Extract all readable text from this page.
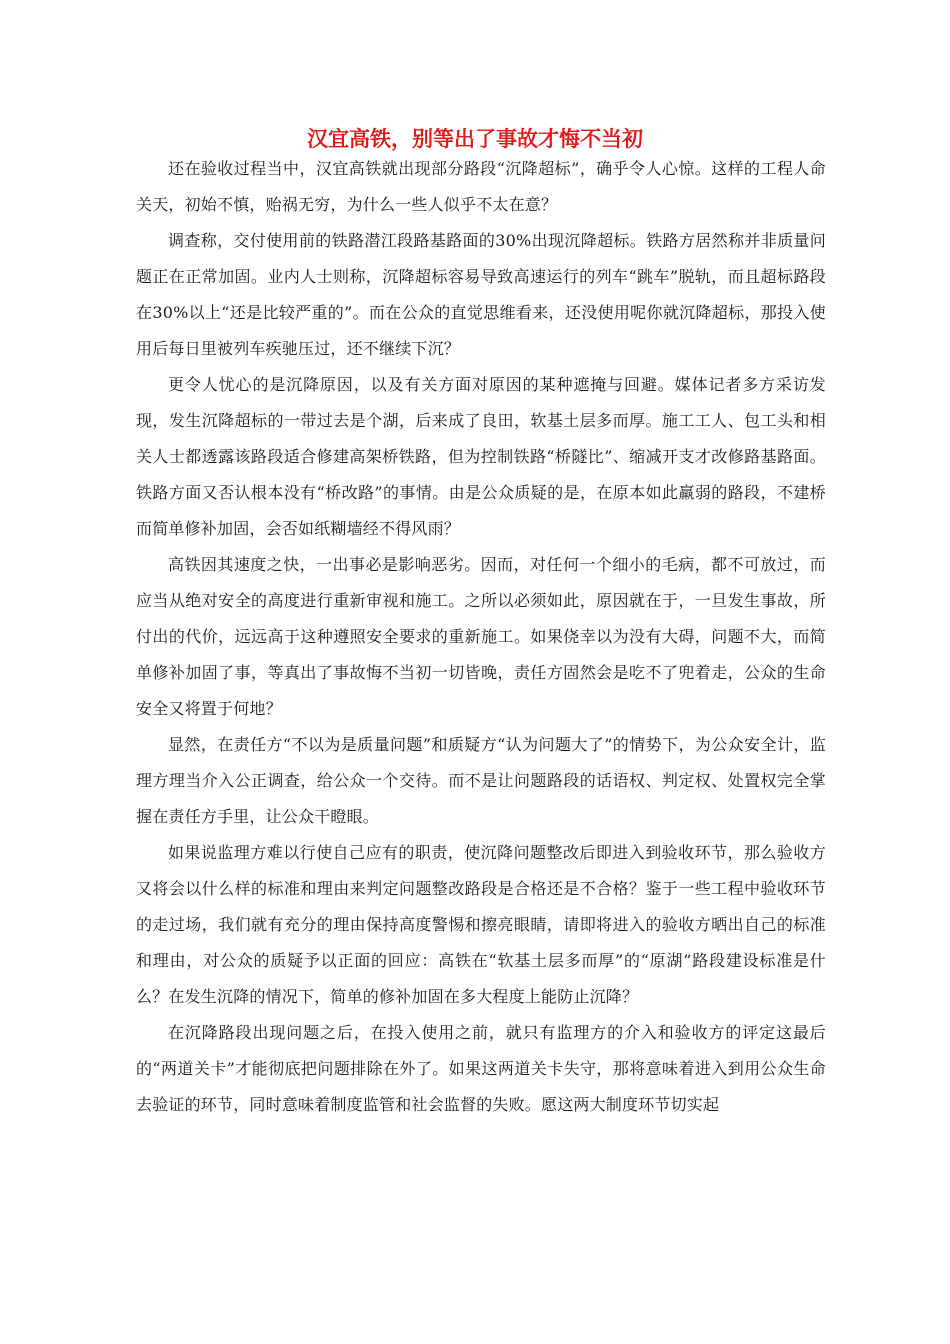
汉宜高铁，别等出了事故才悔不当初

还在验收过程当中，汉宜高铁就出现部分路段“沉降超标”，确乎令人心惊。这样的工程人命关天，初始不慎，贻祸无穷，为什么一些人似乎不太在意？

调查称，交付使用前的铁路潜江段路基路面的30%出现沉降超标。铁路方居然称并非质量问题正在正常加固。业内人士则称，沉降超标容易导致高速运行的列车“跳车”脱轨，而且超标路段在30%以上“还是比较严重的”。而在公众的直觉思维看来，还没使用呢你就沉降超标，那投入使用后每日里被列车疾驰压过，还不继续下沉？

更令人忧心的是沉降原因，以及有关方面对原因的某种遮掩与回避。媒体记者多方采访发现，发生沉降超标的一带过去是个湖，后来成了良田，软基土层多而厚。施工工人、包工头和相关人士都透露该路段适合修建高架桥铁路，但为控制铁路“桥隧比”、缩减开支才改修路基路面。铁路方面又否认根本没有“桥改路”的事情。由是公众质疑的是，在原本如此羸弱的路段，不建桥而简单修补加固，会否如纸糊墙经不得风雨？

高铁因其速度之快，一出事必是影响恶劣。因而，对任何一个细小的毛病，都不可放过，而应当从绝对安全的高度进行重新审视和施工。之所以必须如此，原因就在于，一旦发生事故，所付出的代价，远远高于这种遵照安全要求的重新施工。如果侥幸以为没有大碍，问题不大，而简单修补加固了事，等真出了事故悔不当初一切皆晚，责任方固然会是吃不了兜着走，公众的生命安全又将置于何地？

显然，在责任方“不以为是质量问题”和质疑方“认为问题大了”的情势下，为公众安全计，监理方理当介入公正调查，给公众一个交待。而不是让问题路段的话语权、判定权、处置权完全掌握在责任方手里，让公众干瞪眼。

如果说监理方难以行使自己应有的职责，使沉降问题整改后即进入到验收环节，那么验收方又将会以什么样的标准和理由来判定问题整改路段是合格还是不合格？鉴于一些工程中验收环节的走过场，我们就有充分的理由保持高度警惕和擦亮眼睛，请即将进入的验收方晒出自己的标准和理由，对公众的质疑予以正面的回应：高铁在“软基土层多而厚”的“原湖”路段建设标准是什么？在发生沉降的情况下，简单的修补加固在多大程度上能防止沉降？

在沉降路段出现问题之后，在投入使用之前，就只有监理方的介入和验收方的评定这最后的“两道关卡”才能彻底把问题排除在外了。如果这两道关卡失守，那将意味着进入到用公众生命去验证的环节，同时意味着制度监管和社会监督的失败。愿这两大制度环节切实起
